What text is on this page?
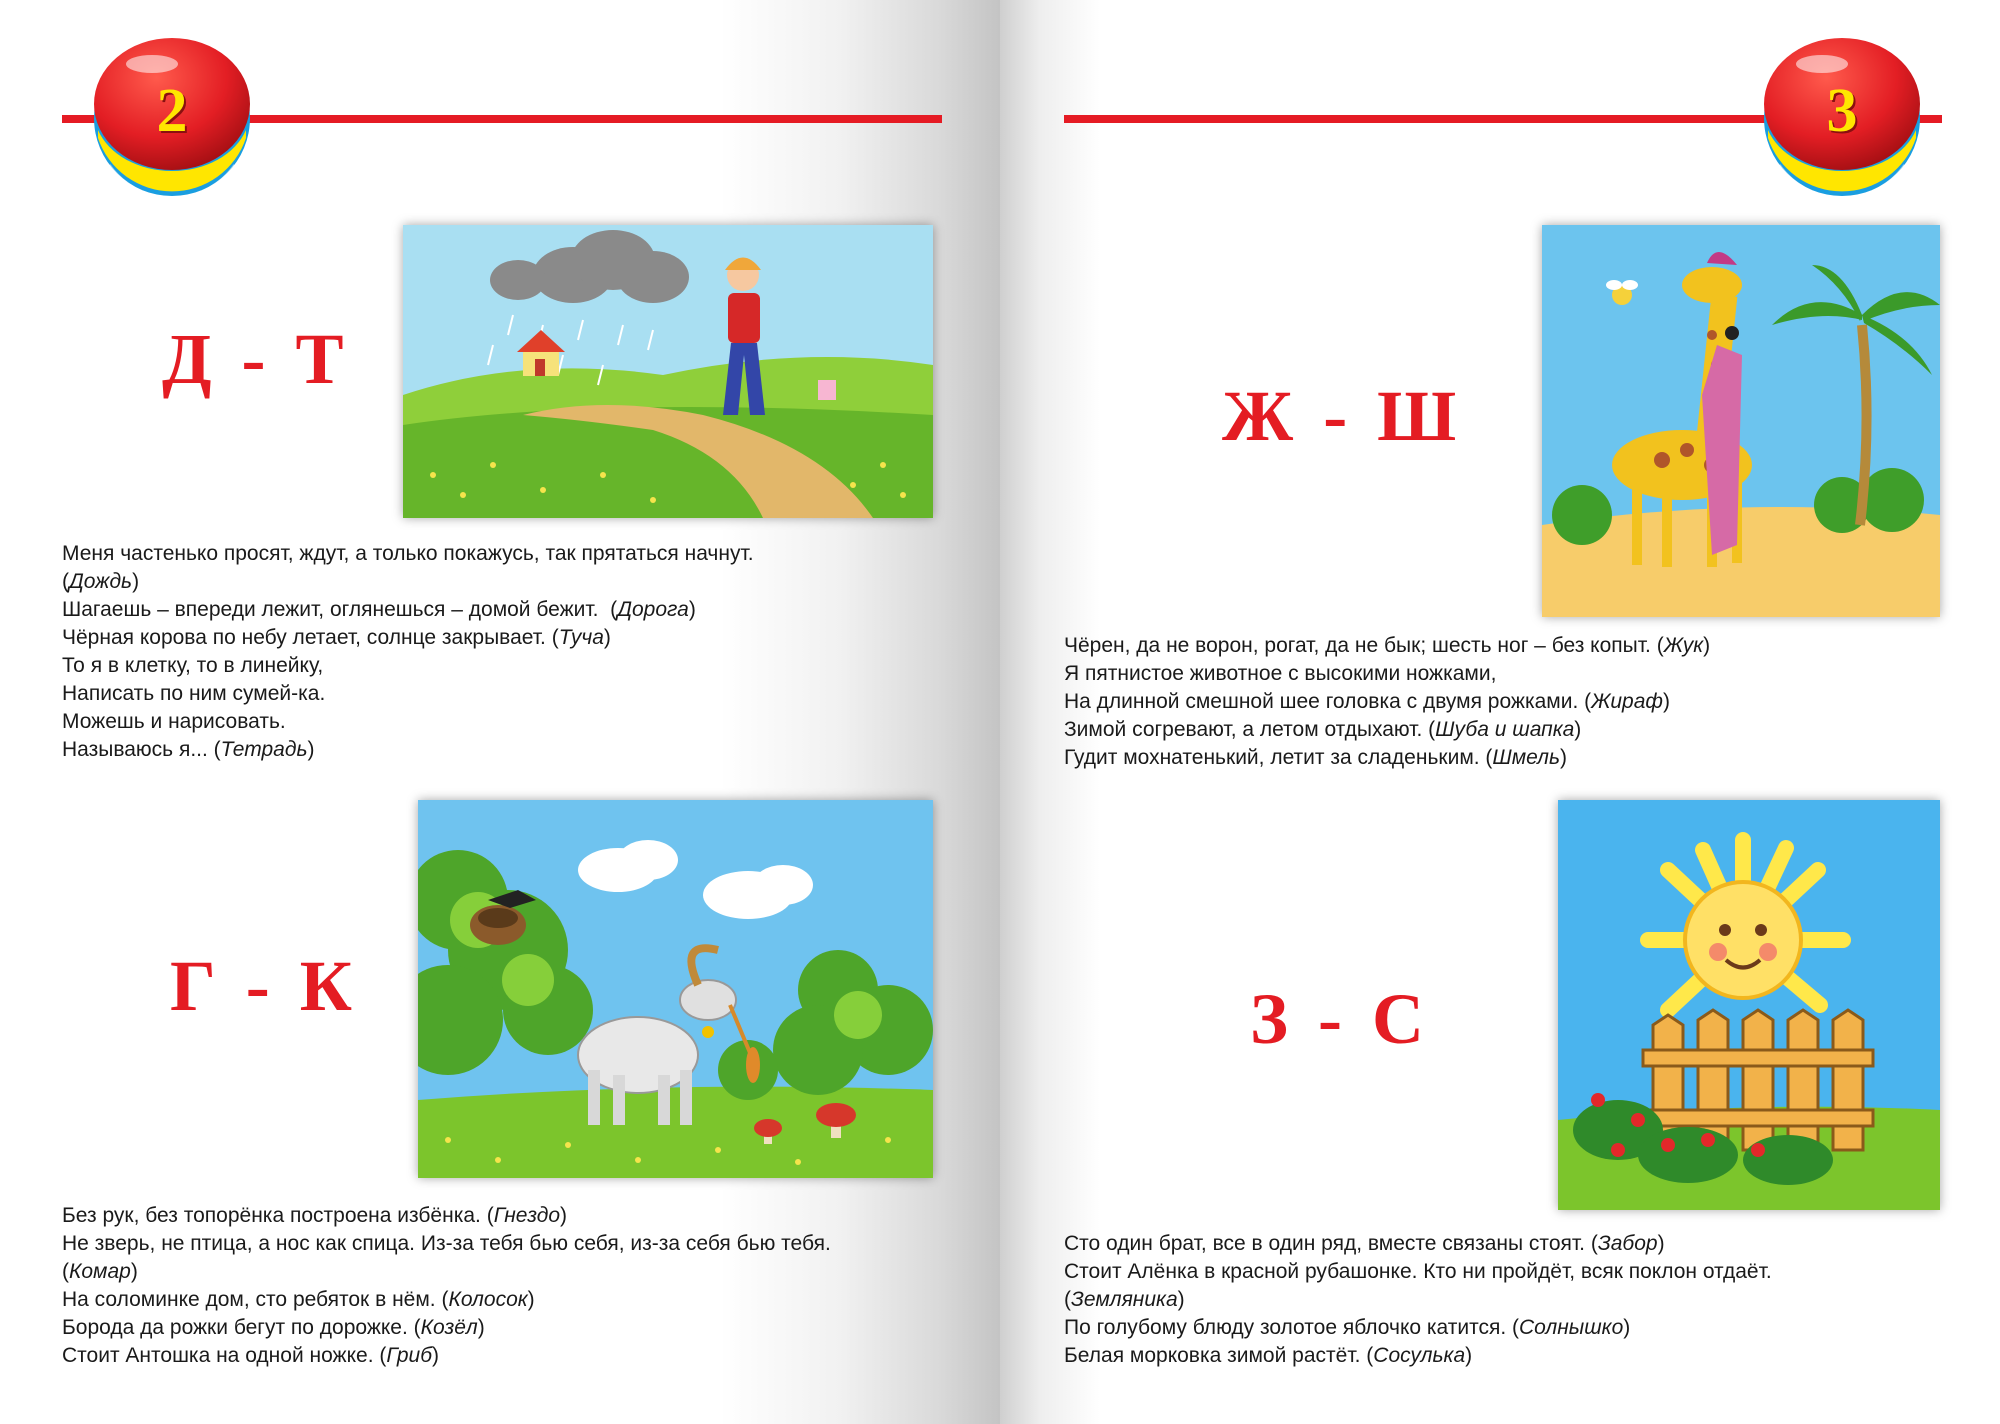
2
Д - Т
Меня частенько просят, ждут, а только покажусь, так прятаться начнут.
(Дождь)
Шагаешь – впереди лежит, оглянешься – домой бежит.  (Дорога)
Чёрная корова по небу летает, солнце закрывает. (Туча)
То я в клетку, то в линейку,
Написать по ним сумей-ка.
Можешь и нарисовать.
Называюсь я... (Тетрадь)
Г - К
Без рук, без топорёнка построена избёнка. (Гнездо)
Не зверь, не птица, а нос как спица. Из-за тебя бью себя, из-за себя бью тебя.
(Комар)
На соломинке дом, сто ребяток в нём. (Колосок)
Борода да рожки бегут по дорожке. (Козёл)
Стоит Антошка на одной ножке. (Гриб)
3
Ж - Ш
Чёрен, да не ворон, рогат, да не бык; шесть ног – без копыт. (Жук)
Я пятнистое животное с высокими ножками,
На длинной смешной шее головка с двумя рожками. (Жираф)
Зимой согревают, а летом отдыхают. (Шуба и шапка)
Гудит мохнатенький, летит за сладеньким. (Шмель)
З - С
Сто один брат, все в один ряд, вместе связаны стоят. (Забор)
Стоит Алёнка в красной рубашонке. Кто ни пройдёт, всяк поклон отдаёт.
(Земляника)
По голубому блюду золотое яблочко катится. (Солнышко)
Белая морковка зимой растёт. (Сосулька)
